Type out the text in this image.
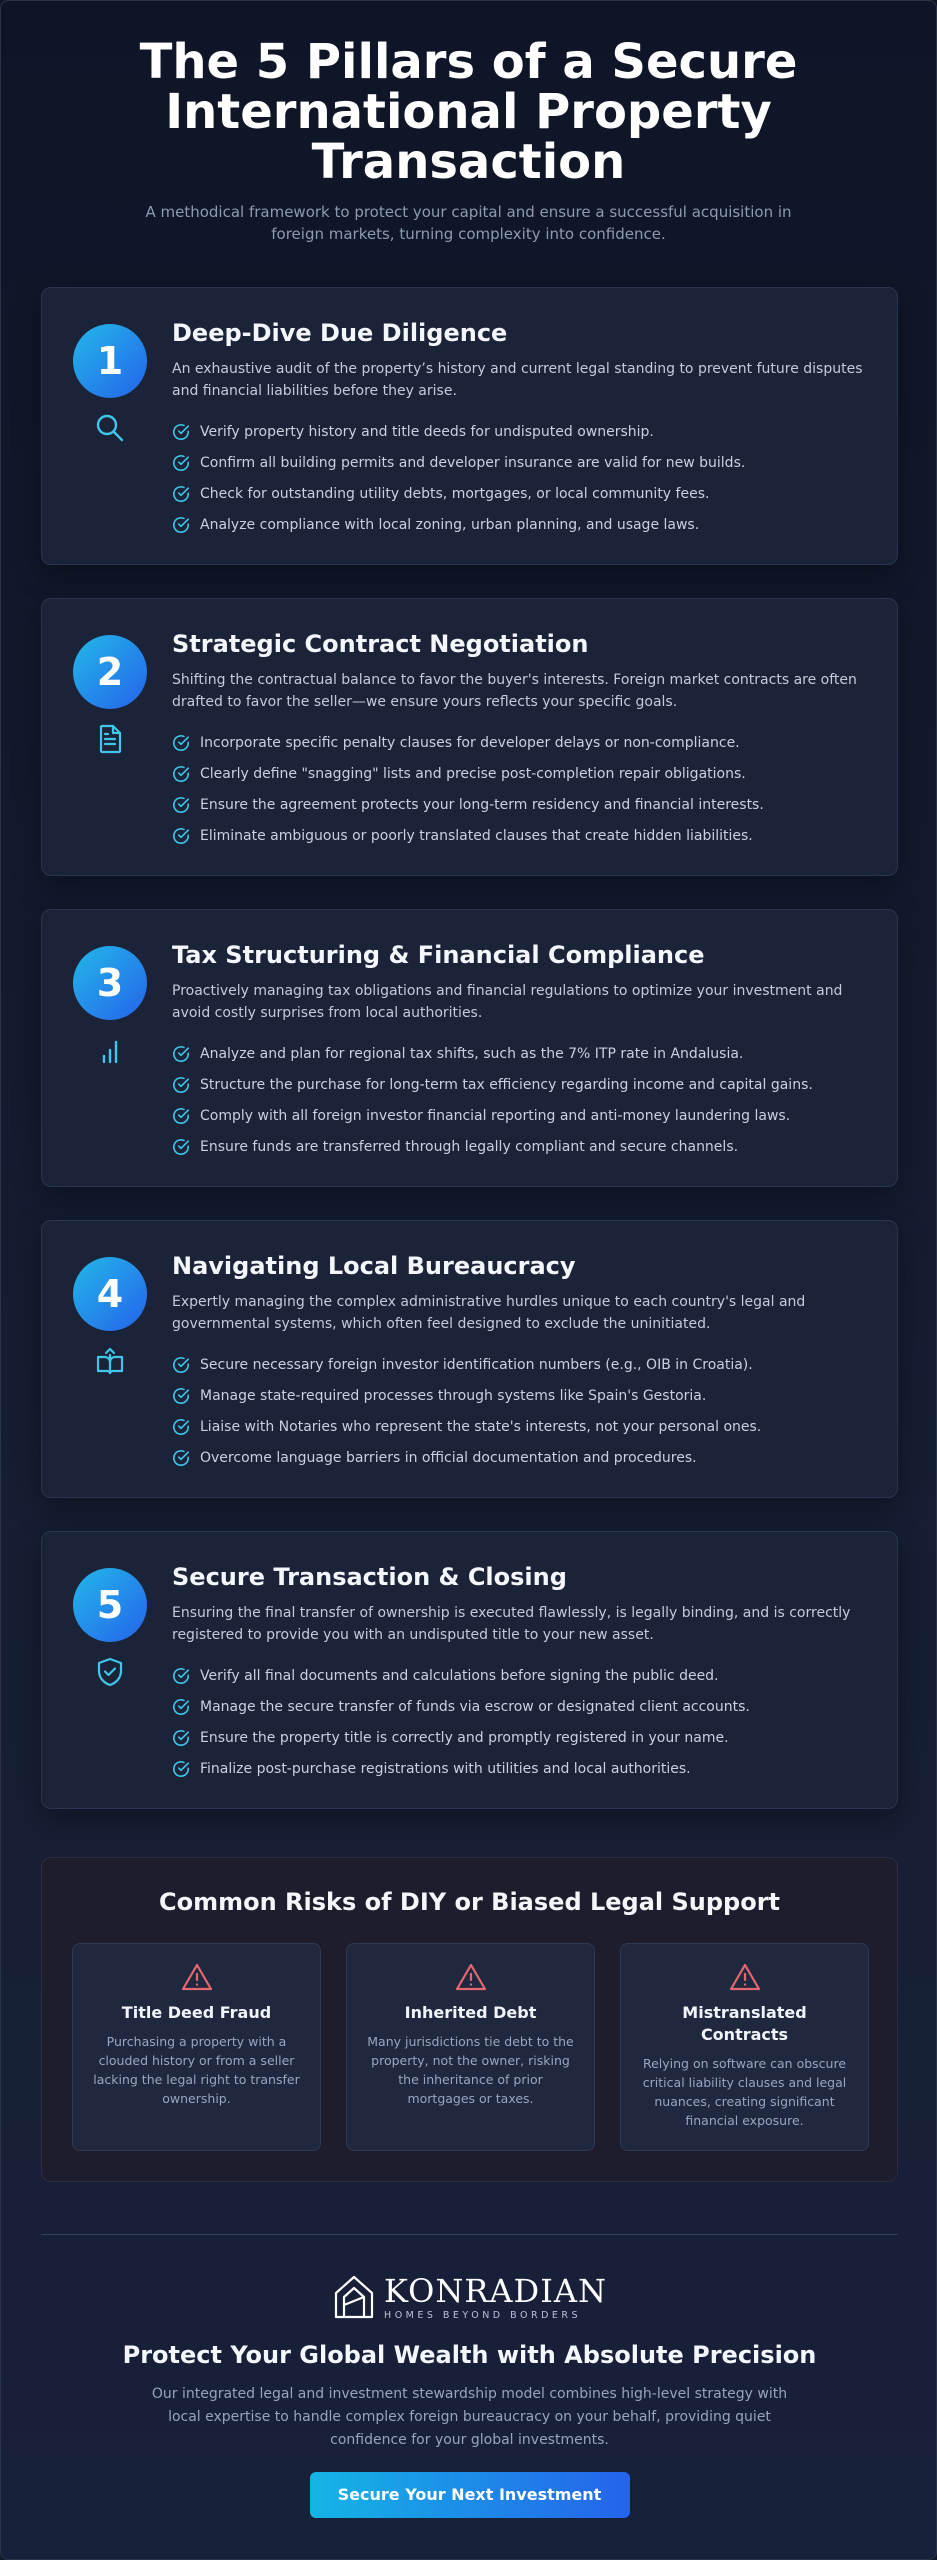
The 5 Pillars of a Secure International Property Transaction

A methodical framework to protect your capital and ensure a successful acquisition in foreign markets, turning complexity into confidence.

1
Deep-Dive Due Diligence

An exhaustive audit of the property’s history and current legal standing to prevent future disputes and financial liabilities before they arise.

Verify property history and title deeds for undisputed ownership.
Confirm all building permits and developer insurance are valid for new builds.
Check for outstanding utility debts, mortgages, or local community fees.
Analyze compliance with local zoning, urban planning, and usage laws.
2
Strategic Contract Negotiation

Shifting the contractual balance to favor the buyer's interests. Foreign market contracts are often drafted to favor the seller—we ensure yours reflects your specific goals.

Incorporate specific penalty clauses for developer delays or non-compliance.
Clearly define "snagging" lists and precise post-completion repair obligations.
Ensure the agreement protects your long-term residency and financial interests.
Eliminate ambiguous or poorly translated clauses that create hidden liabilities.
3
Tax Structuring & Financial Compliance

Proactively managing tax obligations and financial regulations to optimize your investment and avoid costly surprises from local authorities.

Analyze and plan for regional tax shifts, such as the 7% ITP rate in Andalusia.
Structure the purchase for long-term tax efficiency regarding income and capital gains.
Comply with all foreign investor financial reporting and anti-money laundering laws.
Ensure funds are transferred through legally compliant and secure channels.
4
Navigating Local Bureaucracy

Expertly managing the complex administrative hurdles unique to each country's legal and governmental systems, which often feel designed to exclude the uninitiated.

Secure necessary foreign investor identification numbers (e.g., OIB in Croatia).
Manage state-required processes through systems like Spain's Gestoria.
Liaise with Notaries who represent the state's interests, not your personal ones.
Overcome language barriers in official documentation and procedures.
5
Secure Transaction & Closing

Ensuring the final transfer of ownership is executed flawlessly, is legally binding, and is correctly registered to provide you with an undisputed title to your new asset.

Verify all final documents and calculations before signing the public deed.
Manage the secure transfer of funds via escrow or designated client accounts.
Ensure the property title is correctly and promptly registered in your name.
Finalize post-purchase registrations with utilities and local authorities.
Common Risks of DIY or Biased Legal Support
Title Deed Fraud

Purchasing a property with a clouded history or from a seller lacking the legal right to transfer ownership.

Inherited Debt

Many jurisdictions tie debt to the property, not the owner, risking the inheritance of prior mortgages or taxes.

Mistranslated Contracts

Relying on software can obscure critical liability clauses and legal nuances, creating significant financial exposure.

KONRADIAN
HOMES BEYOND BORDERS
Protect Your Global Wealth with Absolute Precision

Our integrated legal and investment stewardship model combines high-level strategy with local expertise to handle complex foreign bureaucracy on your behalf, providing quiet confidence for your global investments.

Secure Your Next Investment
